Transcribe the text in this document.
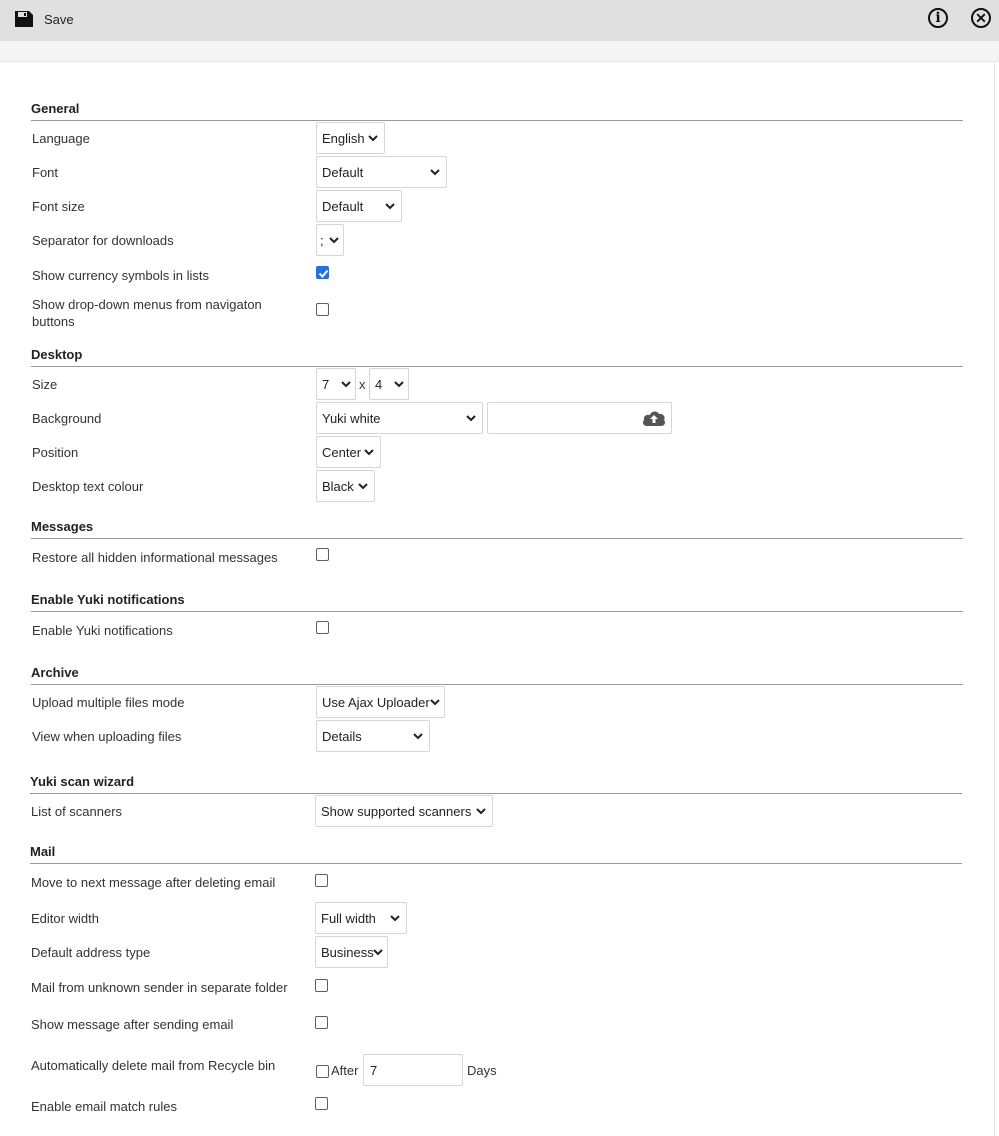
Save	i	✕
General
Language	English
Font	Default
Font size	Default
Separator for downloads	;
Show currency symbols in lists
Show drop-down menus from navigaton buttons
Desktop
Size	7 x 4
Background	Yuki white
Position	Center
Desktop text colour	Black
Messages
Restore all hidden informational messages
Enable Yuki notifications
Enable Yuki notifications
Archive
Upload multiple files mode	Use Ajax Uploader
View when uploading files	Details
Yuki scan wizard
List of scanners	Show supported scanners
Mail
Move to next message after deleting email
Editor width	Full width
Default address type	Business
Mail from unknown sender in separate folder
Show message after sending email
Automatically delete mail from Recycle bin	After 7	Days
Enable email match rules
